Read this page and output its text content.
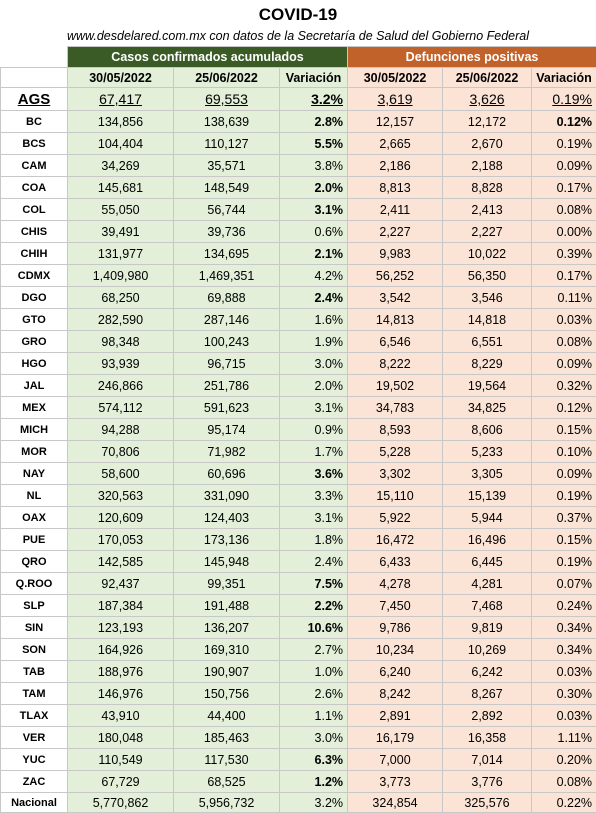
COVID-19
www.desdelared.com.mx con datos de la Secretaría de Salud del Gobierno Federal
	Casos confirmados acumulados			Defunciones positivas		
	30/05/2022	25/06/2022	Variación	30/05/2022	25/06/2022	Variación
AGS	67,417	69,553	3.2%	3,619	3,626	0.19%
BC	134,856	138,639	2.8%	12,157	12,172	0.12%
BCS	104,404	110,127	5.5%	2,665	2,670	0.19%
CAM	34,269	35,571	3.8%	2,186	2,188	0.09%
COA	145,681	148,549	2.0%	8,813	8,828	0.17%
COL	55,050	56,744	3.1%	2,411	2,413	0.08%
CHIS	39,491	39,736	0.6%	2,227	2,227	0.00%
CHIH	131,977	134,695	2.1%	9,983	10,022	0.39%
CDMX	1,409,980	1,469,351	4.2%	56,252	56,350	0.17%
DGO	68,250	69,888	2.4%	3,542	3,546	0.11%
GTO	282,590	287,146	1.6%	14,813	14,818	0.03%
GRO	98,348	100,243	1.9%	6,546	6,551	0.08%
HGO	93,939	96,715	3.0%	8,222	8,229	0.09%
JAL	246,866	251,786	2.0%	19,502	19,564	0.32%
MEX	574,112	591,623	3.1%	34,783	34,825	0.12%
MICH	94,288	95,174	0.9%	8,593	8,606	0.15%
MOR	70,806	71,982	1.7%	5,228	5,233	0.10%
NAY	58,600	60,696	3.6%	3,302	3,305	0.09%
NL	320,563	331,090	3.3%	15,110	15,139	0.19%
OAX	120,609	124,403	3.1%	5,922	5,944	0.37%
PUE	170,053	173,136	1.8%	16,472	16,496	0.15%
QRO	142,585	145,948	2.4%	6,433	6,445	0.19%
Q.ROO	92,437	99,351	7.5%	4,278	4,281	0.07%
SLP	187,384	191,488	2.2%	7,450	7,468	0.24%
SIN	123,193	136,207	10.6%	9,786	9,819	0.34%
SON	164,926	169,310	2.7%	10,234	10,269	0.34%
TAB	188,976	190,907	1.0%	6,240	6,242	0.03%
TAM	146,976	150,756	2.6%	8,242	8,267	0.30%
TLAX	43,910	44,400	1.1%	2,891	2,892	0.03%
VER	180,048	185,463	3.0%	16,179	16,358	1.11%
YUC	110,549	117,530	6.3%	7,000	7,014	0.20%
ZAC	67,729	68,525	1.2%	3,773	3,776	0.08%
Nacional	5,770,862	5,956,732	3.2%	324,854	325,576	0.22%
